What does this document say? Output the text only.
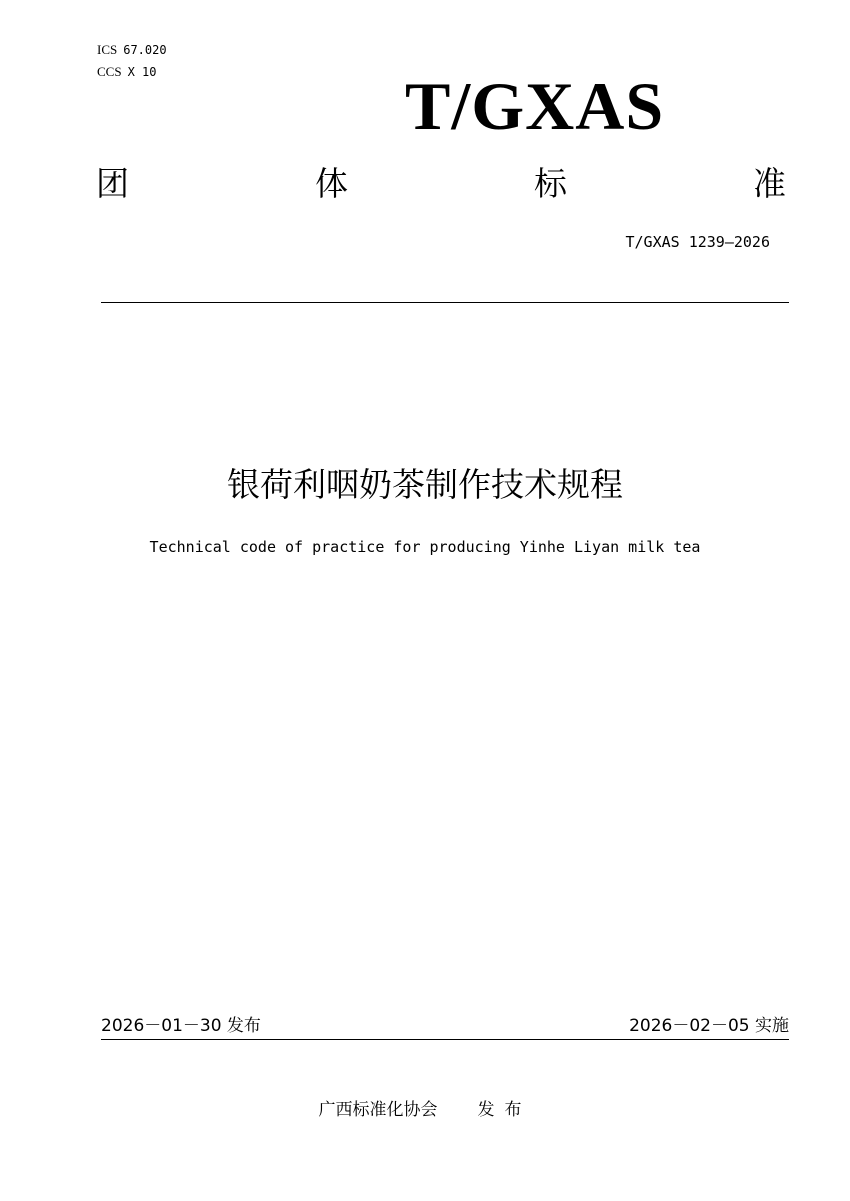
ICS 67.020
CCS X 10	T/GXAS
团	体	标	准
T/GXAS 1239—2026
银荷利咽奶茶制作技术规程
Technical code of practice for producing Yinhe Liyan milk tea
2026－01－30 发布	2026－02－05 实施
广西标准化协会 发布
